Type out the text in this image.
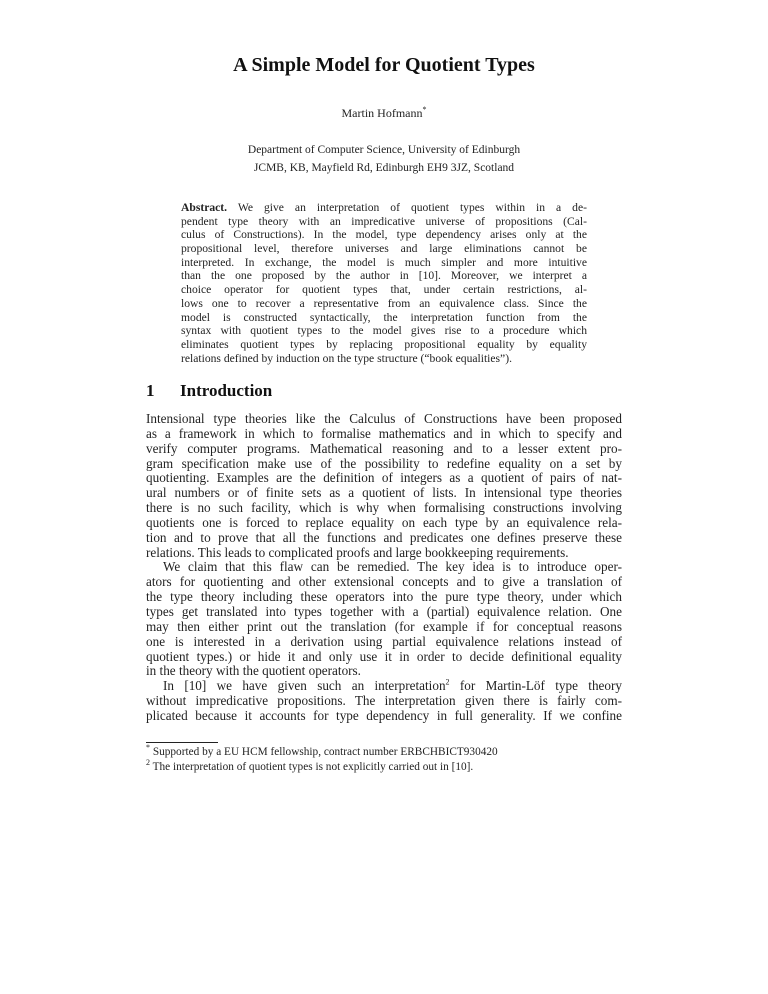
A Simple Model for Quotient Types
Martin Hofmann*
Department of Computer Science, University of Edinburgh
JCMB, KB, Mayfield Rd, Edinburgh EH9 3JZ, Scotland
Abstract. We give an interpretation of quotient types within in a de-
pendent type theory with an impredicative universe of propositions (Cal-
culus of Constructions). In the model, type dependency arises only at the
propositional level, therefore universes and large eliminations cannot be
interpreted. In exchange, the model is much simpler and more intuitive
than the one proposed by the author in [10]. Moreover, we interpret a
choice operator for quotient types that, under certain restrictions, al-
lows one to recover a representative from an equivalence class. Since the
model is constructed syntactically, the interpretation function from the
syntax with quotient types to the model gives rise to a procedure which
eliminates quotient types by replacing propositional equality by equality
relations defined by induction on the type structure (“book equalities”).
1 Introduction
Intensional type theories like the Calculus of Constructions have been proposed
as a framework in which to formalise mathematics and in which to specify and
verify computer programs. Mathematical reasoning and to a lesser extent pro-
gram specification make use of the possibility to redefine equality on a set by
quotienting. Examples are the definition of integers as a quotient of pairs of nat-
ural numbers or of finite sets as a quotient of lists. In intensional type theories
there is no such facility, which is why when formalising constructions involving
quotients one is forced to replace equality on each type by an equivalence rela-
tion and to prove that all the functions and predicates one defines preserve these
relations. This leads to complicated proofs and large bookkeeping requirements.
We claim that this flaw can be remedied. The key idea is to introduce oper-
ators for quotienting and other extensional concepts and to give a translation of
the type theory including these operators into the pure type theory, under which
types get translated into types together with a (partial) equivalence relation. One
may then either print out the translation (for example if for conceptual reasons
one is interested in a derivation using partial equivalence relations instead of
quotient types.) or hide it and only use it in order to decide definitional equality
in the theory with the quotient operators.
In [10] we have given such an interpretation$^2$ for Martin-Löf type theory
without impredicative propositions. The interpretation given there is fairly com-
plicated because it accounts for type dependency in full generality. If we confine
* Supported by a EU HCM fellowship, contract number ERBCHBICT930420
$^2$ The interpretation of quotient types is not explicitly carried out in [10].
